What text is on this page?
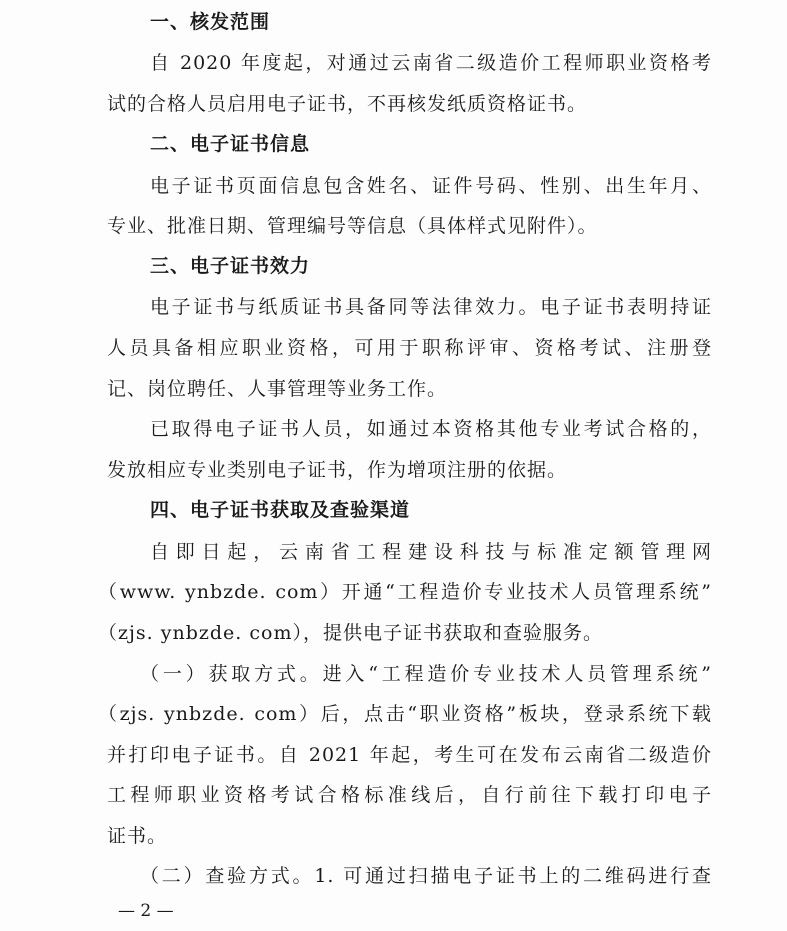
一、核发范围
自 2020 年度起，对通过云南省二级造价工程师职业资格考
试的合格人员启用电子证书，不再核发纸质资格证书。
二、电子证书信息
电子证书页面信息包含姓名、证件号码、性别、出生年月、
专业、批准日期、管理编号等信息（具体样式见附件）。
三、电子证书效力
电子证书与纸质证书具备同等法律效力。电子证书表明持证
人员具备相应职业资格，可用于职称评审、资格考试、注册登
记、岗位聘任、人事管理等业务工作。
已取得电子证书人员，如通过本资格其他专业考试合格的，
发放相应专业类别电子证书，作为增项注册的依据。
四、电子证书获取及查验渠道
自即日起，云南省工程建设科技与标准定额管理网
（www. ynbzde. com）开通“工程造价专业技术人员管理系统”
（zjs. ynbzde. com），提供电子证书获取和查验服务。
（一）获取方式。进入“工程造价专业技术人员管理系统”
（zjs. ynbzde. com）后，点击“职业资格”板块，登录系统下载
并打印电子证书。自 2021 年起，考生可在发布云南省二级造价
工程师职业资格考试合格标准线后，自行前往下载打印电子
证书。
（二）查验方式。1. 可通过扫描电子证书上的二维码进行查
— 2 —
